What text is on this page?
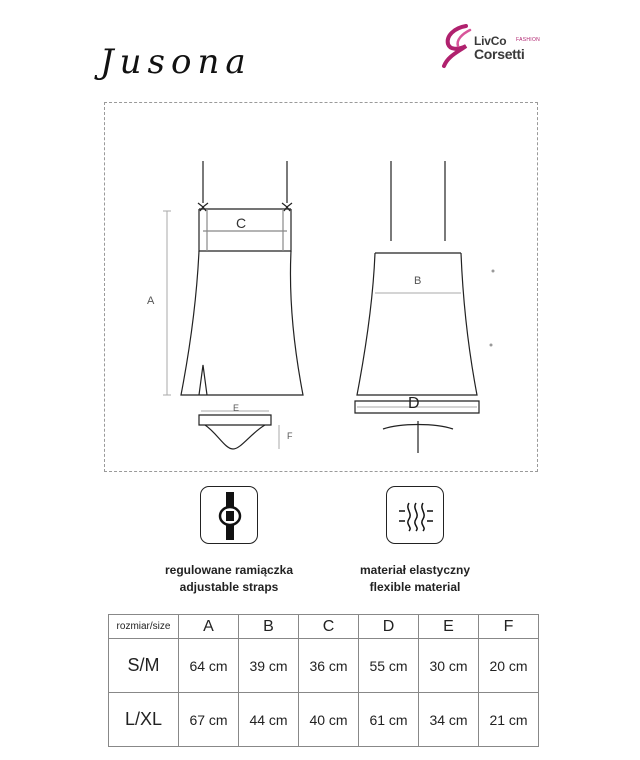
Jusona
LivCo FASHION
Corsetti
A
B
C
D
E
F
regulowane ramiączka
adjustable straps
materiał elastyczny
flexible material
rozmiar/size	A	B	C	D	E	F
S/M	64 cm	39 cm	36 cm	55 cm	30 cm	20 cm
L/XL	67 cm	44 cm	40 cm	61 cm	34 cm	21 cm
